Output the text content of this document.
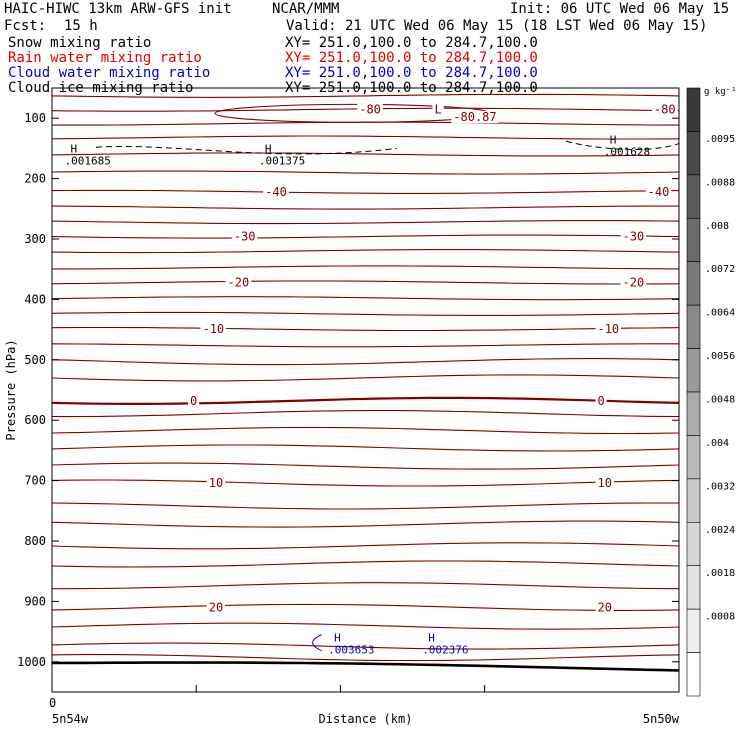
HAIC-HIWC 13km ARW-GFS init	NCAR/MMM	Init: 06 UTC Wed 06 May 15
Fcst: 15 h	Valid: 21 UTC Wed 06 May 15 (18 LST Wed 06 May 15)
Snow mixing ratio	XY= 251.0,100.0 to 284.7,100.0
Rain water mixing ratio	XY= 251.0,100.0 to 284.7,100.0
Cloud water mixing ratio	XY= 251.0,100.0 to 284.7,100.0
Cloud ice mixing ratio	XY= 251.0,100.0 to 284.7,100.0
-80	-80
-80.87
L
-40	-40
-30	-30
-20	-20
-10	-10
0	0
10	10
20	20
H
.001685
H
.001375
H
.001628
H
.003653
H
.002376
100
200
300
400
500
600
700
800
900
1000
0
5n54w	5n50w
Distance (km)
Pressure (hPa)
.0095
.0088
.008
.0072
.0064
.0056
.0048
.004
.0032
.0024
.0018
.0008
g kg⁻¹
